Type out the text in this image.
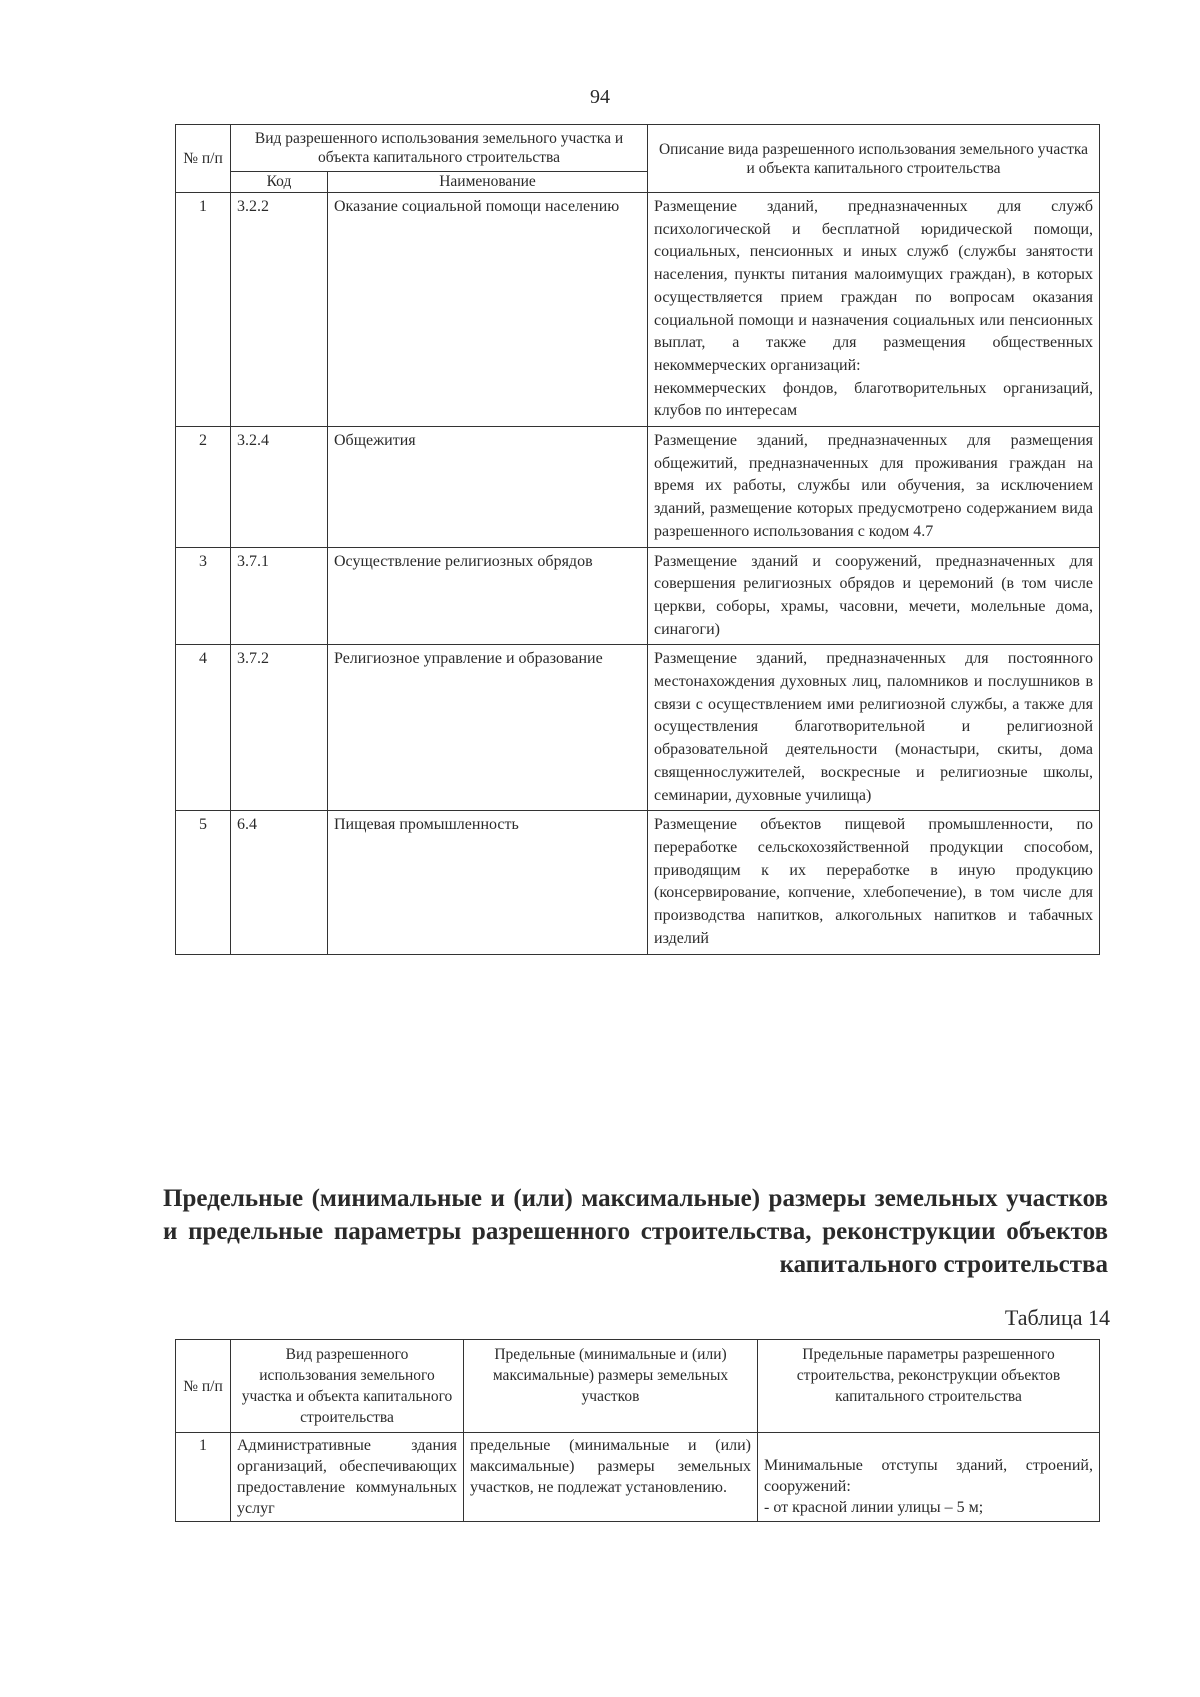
94
№ п/п	Вид разрешенного использования земельного участка и объекта капитального строительства		Описание вида разрешенного использования земельного участка и объекта капитального строительства
	Код	Наименование	
1	3.2.2	Оказание социальной помощи населению	Размещение зданий, предназначенных для служб психологической и бесплатной юридической помощи, социальных, пенсионных и иных служб (службы занятости населения, пункты питания малоимущих граждан), в которых осуществляется прием граждан по вопросам оказания социальной помощи и назначения социальных или пенсионных выплат, а также для размещения общественных некоммерческих организаций:
некоммерческих фондов, благотворительных организаций, клубов по интересам

2	3.2.4	Общежития	Размещение зданий, предназначенных для размещения общежитий, предназначенных для проживания граждан на время их работы, службы или обучения, за исключением зданий, размещение которых предусмотрено содержанием вида разрешенного использования с кодом 4.7
3	3.7.1	Осуществление религиозных обрядов	Размещение зданий и сооружений, предназначенных для совершения религиозных обрядов и церемоний (в том числе церкви, соборы, храмы, часовни, мечети, молельные дома, синагоги)
4	3.7.2	Религиозное управление и образование	Размещение зданий, предназначенных для постоянного местонахождения духовных лиц, паломников и послушников в связи с осуществлением ими религиозной службы, а также для осуществления благотворительной и религиозной образовательной деятельности (монастыри, скиты, дома священнослужителей, воскресные и религиозные школы, семинарии, духовные училища)
5	6.4	Пищевая промышленность	Размещение объектов пищевой промышленности, по переработке сельскохозяйственной продукции способом, приводящим к их переработке в иную продукцию (консервирование, копчение, хлебопечение), в том числе для производства напитков, алкогольных напитков и табачных изделий
Предельные (минимальные и (или) максимальные) размеры земельных участков и предельные параметры разрешенного строительства, реконструкции объектов капитального строительства
Таблица 14
№ п/п	Вид разрешенного использования земельного участка и объекта капитального строительства	Предельные (минимальные и (или) максимальные) размеры земельных участков	Предельные параметры разрешенного строительства, реконструкции объектов капитального строительства
1	Административные здания организаций, обеспечивающих предоставление коммунальных услуг	предельные (минимальные и (или) максимальные) размеры земельных участков, не подлежат установлению.	Минимальные отступы зданий, строений, сооружений:
- от красной линии улицы – 5 м;
